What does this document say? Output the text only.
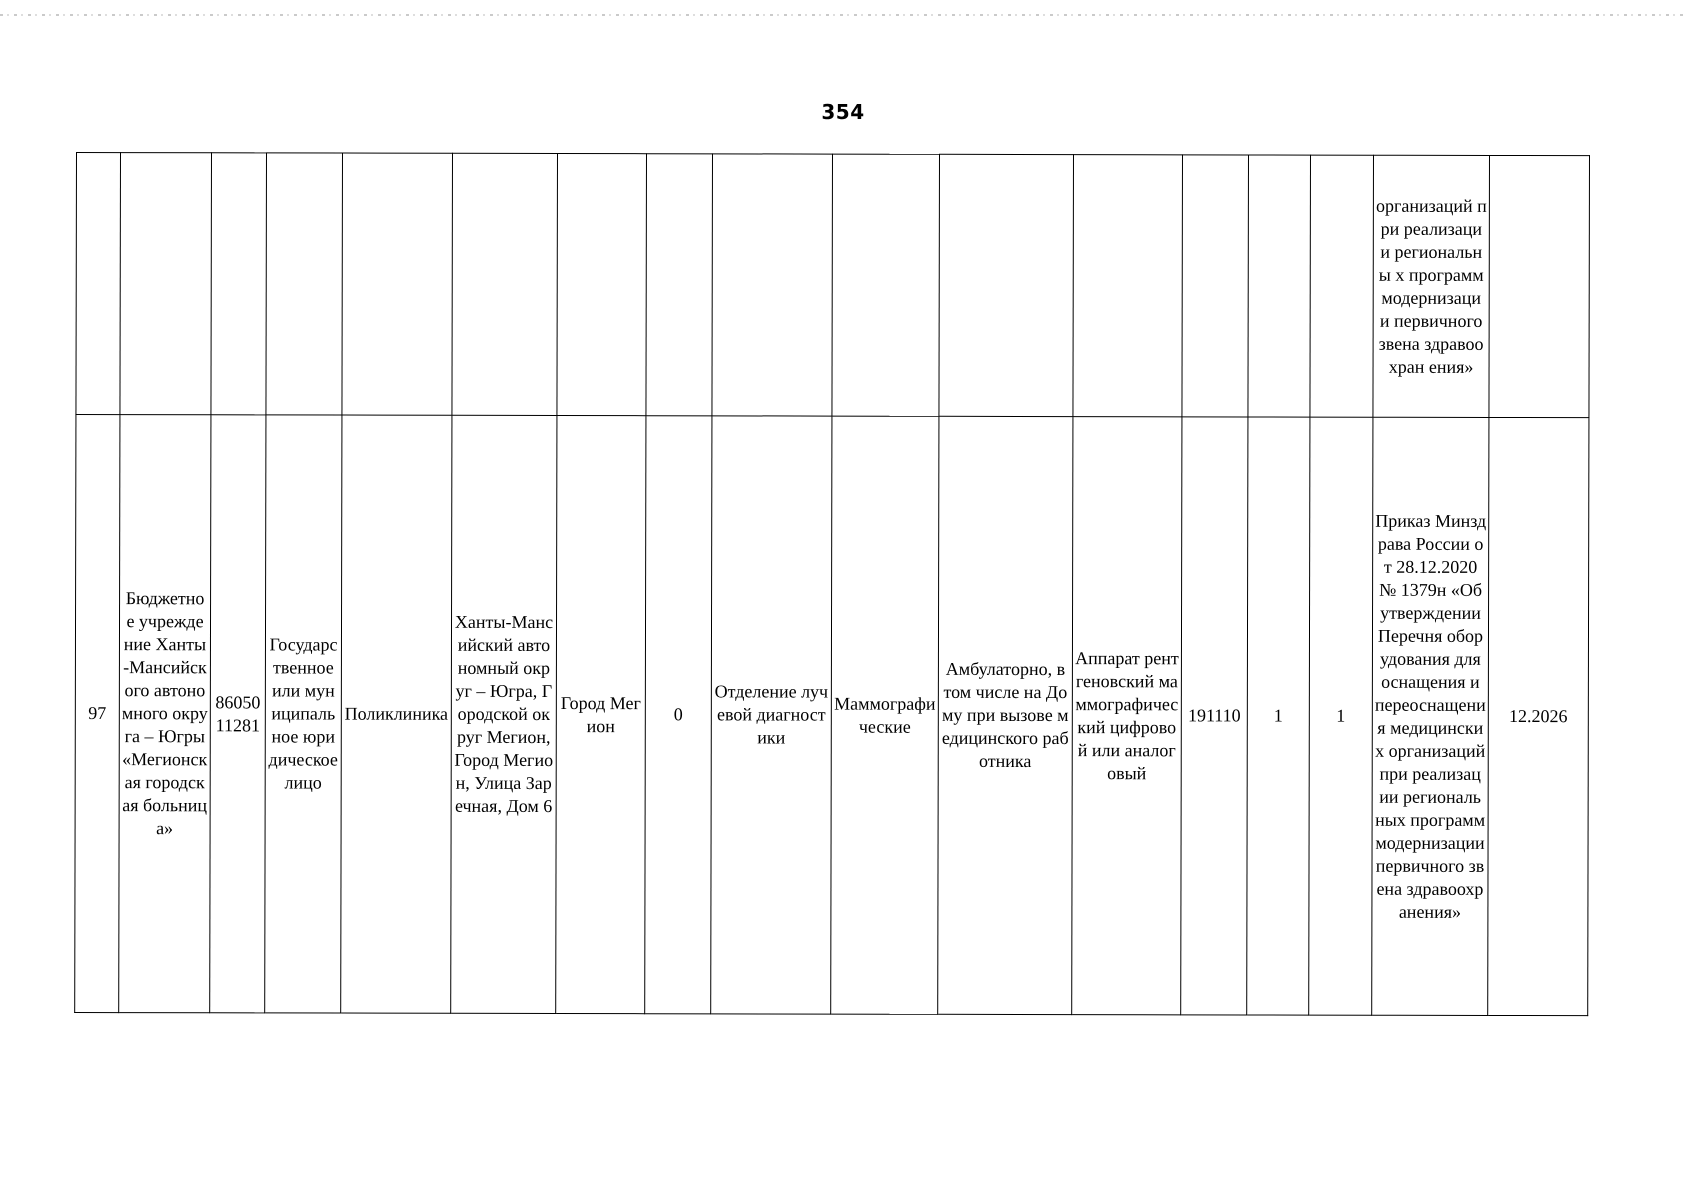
354
															организаций при реализации региональны х программ модернизаци и первичного звена здравоохран ения»	
97	Бюджетное учреждение Ханты-Мансийского автономного округа – Югры «Мегионская городская больница»	8605011281	Государственное или муниципальное юридическое лицо	Поликлиника	Ханты-Мансийский автономный округ – Югра, Городской округ Мегион, Город Мегион, Улица Заречная, Дом 6	Город Мегион	0	Отделение лучевой диагностики	Маммографические	Амбулаторно, в том числе на Дому при вызове медицинского работника	Аппарат рентгеновский маммографический цифровой или аналоговый	191110	1	1	Приказ Минздрава России от 28.12.2020 № 1379н «Об утверждении Перечня оборудования для оснащения и переоснащения медицинских организаций при реализации региональных программ модернизации первичного звена здравоохранения»	12.2026
